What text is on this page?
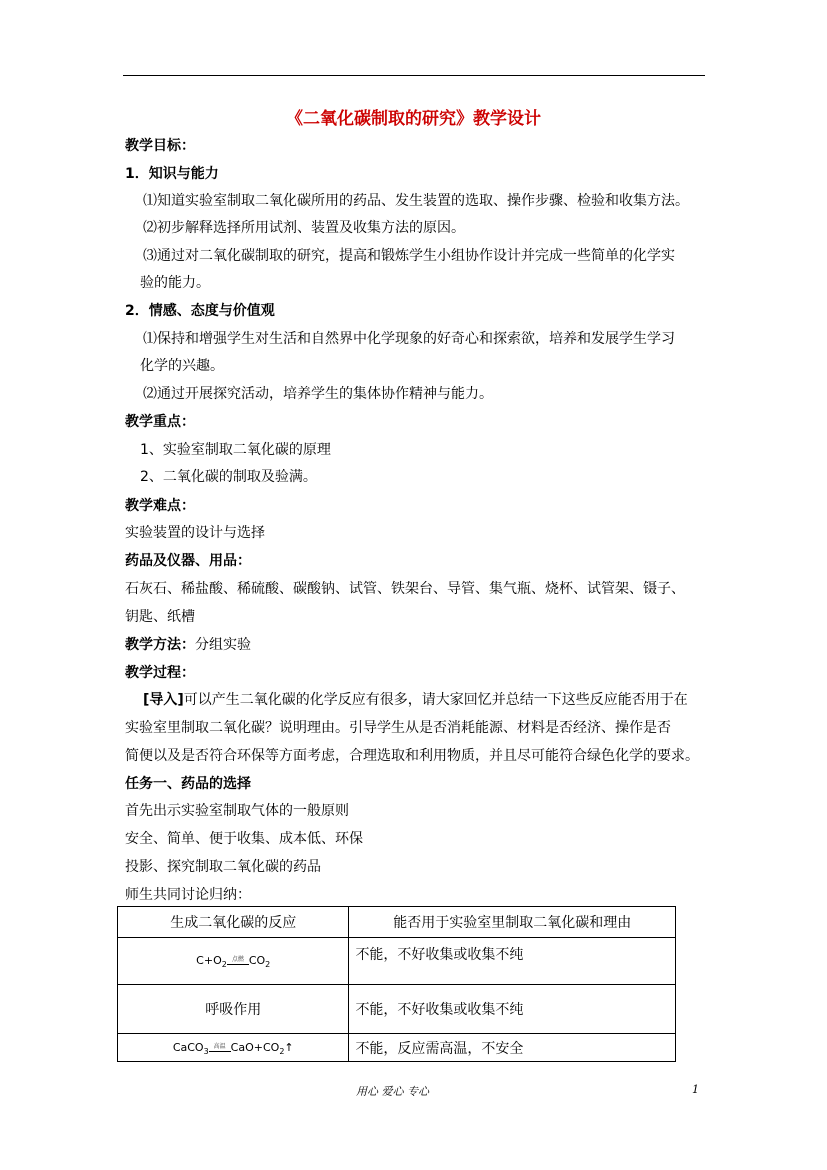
《二氧化碳制取的研究》教学设计
教学目标：
1．知识与能力
⑴知道实验室制取二氧化碳所用的药品、发生装置的选取、操作步骤、检验和收集方法。
⑵初步解释选择所用试剂、装置及收集方法的原因。
⑶通过对二氧化碳制取的研究，提高和锻炼学生小组协作设计并完成一些简单的化学实
验的能力。
2．情感、态度与价值观
⑴保持和增强学生对生活和自然界中化学现象的好奇心和探索欲，培养和发展学生学习
化学的兴趣。
⑵通过开展探究活动，培养学生的集体协作精神与能力。
教学重点：
1、实验室制取二氧化碳的原理
2、二氧化碳的制取及验满。
教学难点：
实验装置的设计与选择
药品及仪器、用品：
石灰石、稀盐酸、稀硫酸、碳酸钠、试管、铁架台、导管、集气瓶、烧杯、试管架、镊子、
钥匙、纸槽
教学方法：分组实验
教学过程：
[导入]可以产生二氧化碳的化学反应有很多，请大家回忆并总结一下这些反应能否用于在
实验室里制取二氧化碳？说明理由。引导学生从是否消耗能源、材料是否经济、操作是否
简便以及是否符合环保等方面考虑，合理选取和利用物质，并且尽可能符合绿色化学的要求。
任务一、药品的选择
首先出示实验室制取气体的一般原则
安全、简单、便于收集、成本低、环保
投影、探究制取二氧化碳的药品
师生共同讨论归纳：
生成二氧化碳的反应	能否用于实验室里制取二氧化碳和理由
$C+O_2$
点燃 $CO_2$	不能，不好收集或收集不纯
呼吸作用	不能，不好收集或收集不纯
CaCO$_3$
高温 $CaO+CO_2↑$	不能，反应需高温，不安全
用心 爱心 专心	1
